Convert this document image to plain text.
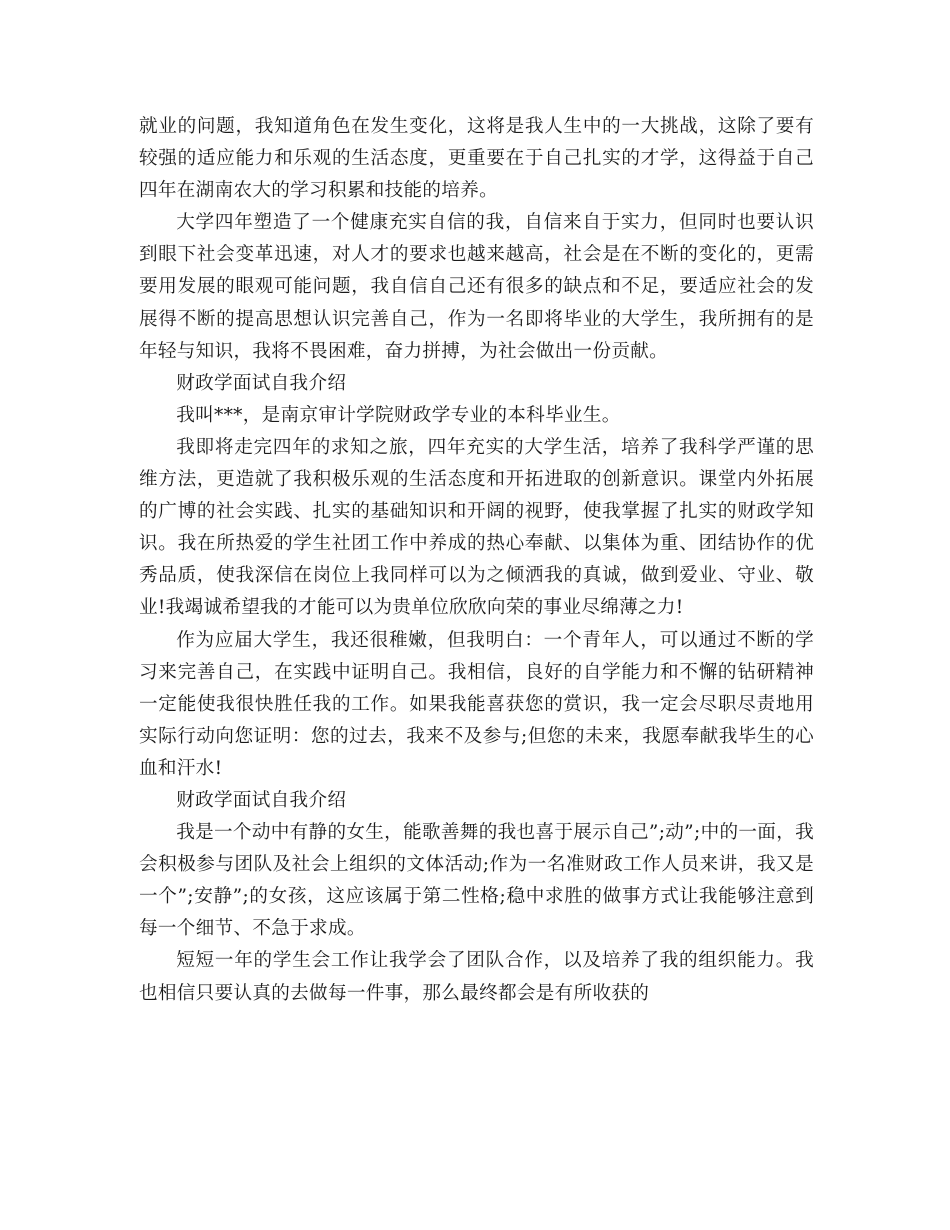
就业的问题，我知道角色在发生变化，这将是我人生中的一大挑战，这除了要有较强的适应能力和乐观的生活态度，更重要在于自己扎实的才学，这得益于自己四年在湖南农大的学习积累和技能的培养。

大学四年塑造了一个健康充实自信的我，自信来自于实力，但同时也要认识到眼下社会变革迅速，对人才的要求也越来越高，社会是在不断的变化的，更需要用发展的眼观可能问题，我自信自己还有很多的缺点和不足，要适应社会的发展得不断的提高思想认识完善自己，作为一名即将毕业的大学生，我所拥有的是年轻与知识，我将不畏困难，奋力拼搏，为社会做出一份贡献。

财政学面试自我介绍

我叫***，是南京审计学院财政学专业的本科毕业生。

我即将走完四年的求知之旅，四年充实的大学生活，培养了我科学严谨的思维方法，更造就了我积极乐观的生活态度和开拓进取的创新意识。课堂内外拓展的广博的社会实践、扎实的基础知识和开阔的视野，使我掌握了扎实的财政学知识。我在所热爱的学生社团工作中养成的热心奉献、以集体为重、团结协作的优秀品质，使我深信在岗位上我同样可以为之倾洒我的真诚，做到爱业、守业、敬业!我竭诚希望我的才能可以为贵单位欣欣向荣的事业尽绵薄之力!

作为应届大学生，我还很稚嫩，但我明白：一个青年人，可以通过不断的学习来完善自己，在实践中证明自己。我相信，良好的自学能力和不懈的钻研精神一定能使我很快胜任我的工作。如果我能喜获您的赏识，我一定会尽职尽责地用实际行动向您证明：您的过去，我来不及参与;但您的未来，我愿奉献我毕生的心血和汗水!

财政学面试自我介绍

我是一个动中有静的女生，能歌善舞的我也喜于展示自己”;动”;中的一面，我会积极参与团队及社会上组织的文体活动;作为一名准财政工作人员来讲，我又是一个”;安静”;的女孩，这应该属于第二性格;稳中求胜的做事方式让我能够注意到每一个细节、不急于求成。

短短一年的学生会工作让我学会了团队合作，以及培养了我的组织能力。我也相信只要认真的去做每一件事，那么最终都会是有所收获的
